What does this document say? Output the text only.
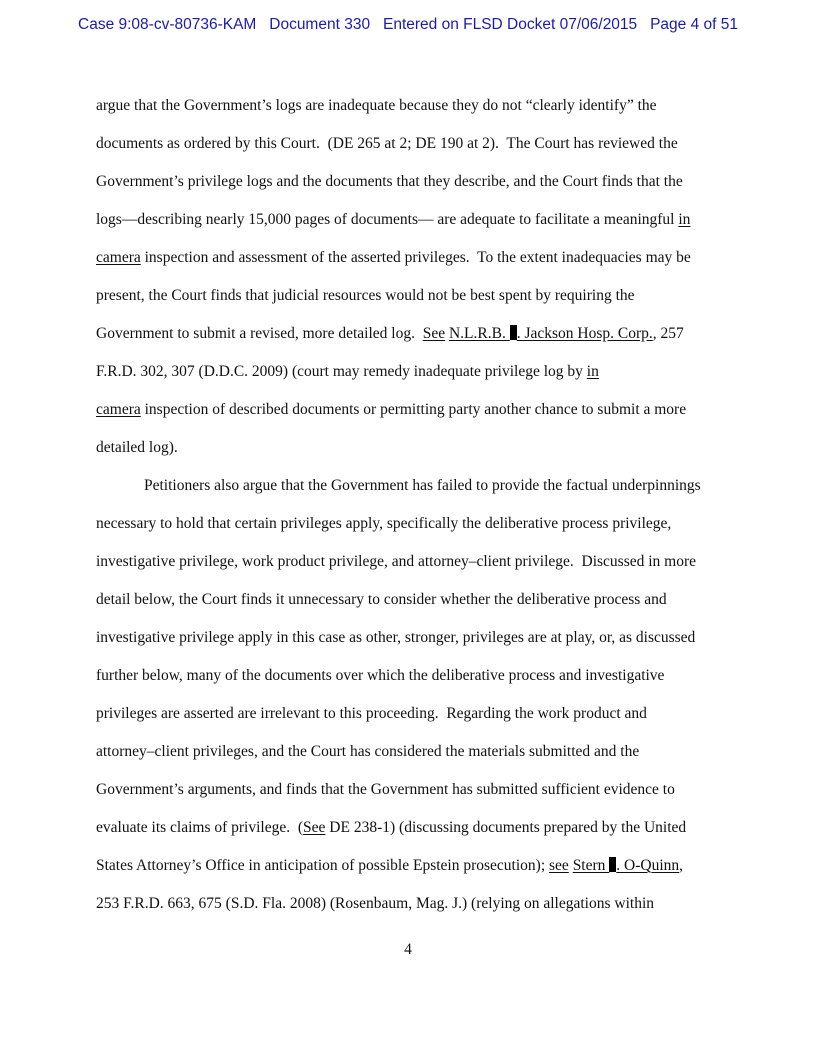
Case 9:08-cv-80736-KAM   Document 330   Entered on FLSD Docket 07/06/2015   Page 4 of 51
argue that the Government’s logs are inadequate because they do not “clearly identify” the
documents as ordered by this Court.  (DE 265 at 2; DE 190 at 2).  The Court has reviewed the
Government’s privilege logs and the documents that they describe, and the Court finds that the
logs—describing nearly 15,000 pages of documents— are adequate to facilitate a meaningful in
camera inspection and assessment of the asserted privileges.  To the extent inadequacies may be
present, the Court finds that judicial resources would not be best spent by requiring the
Government to submit a revised, more detailed log.  See N.L.R.B. . Jackson Hosp. Corp., 257
F.R.D. 302, 307 (D.D.C. 2009) (court may remedy inadequate privilege log by in
camera inspection of described documents or permitting party another chance to submit a more
detailed log).
Petitioners also argue that the Government has failed to provide the factual underpinnings
necessary to hold that certain privileges apply, specifically the deliberative process privilege,
investigative privilege, work product privilege, and attorney–client privilege.  Discussed in more
detail below, the Court finds it unnecessary to consider whether the deliberative process and
investigative privilege apply in this case as other, stronger, privileges are at play, or, as discussed
further below, many of the documents over which the deliberative process and investigative
privileges are asserted are irrelevant to this proceeding.  Regarding the work product and
attorney–client privileges, and the Court has considered the materials submitted and the
Government’s arguments, and finds that the Government has submitted sufficient evidence to
evaluate its claims of privilege.  (See DE 238-1) (discussing documents prepared by the United
States Attorney’s Office in anticipation of possible Epstein prosecution); see Stern . O-Quinn,
253 F.R.D. 663, 675 (S.D. Fla. 2008) (Rosenbaum, Mag. J.) (relying on allegations within
4
